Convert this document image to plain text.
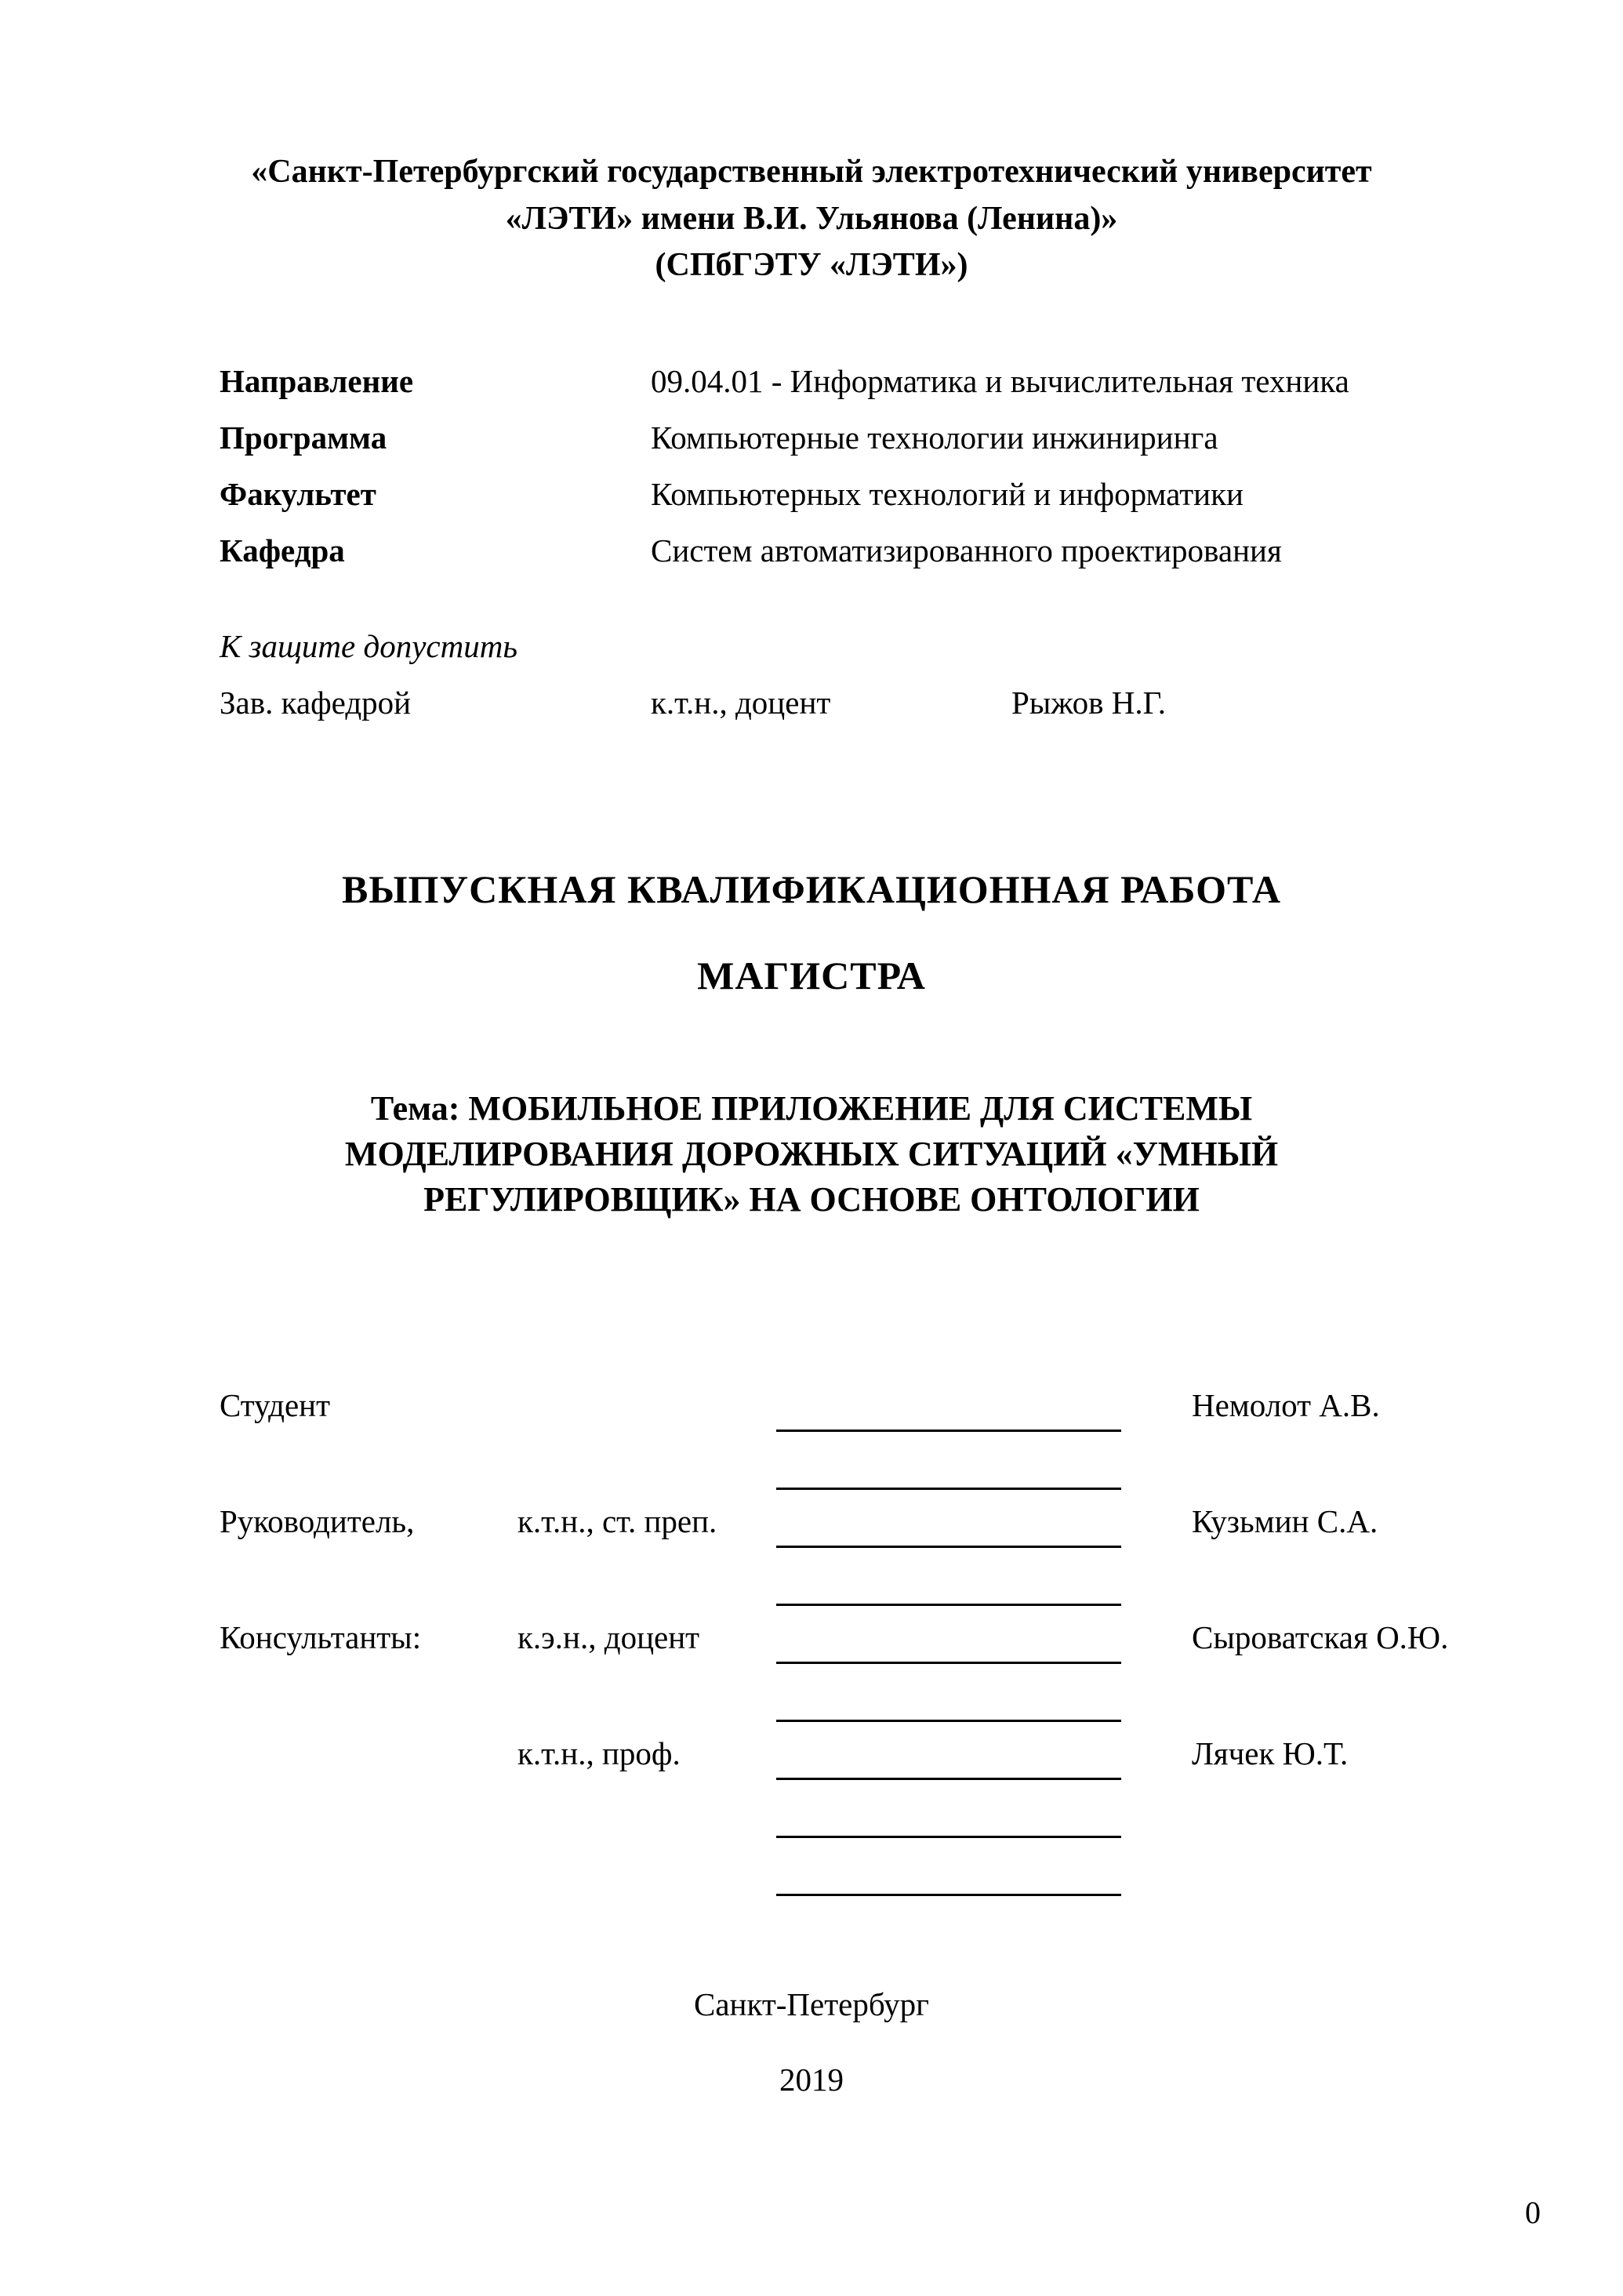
«Санкт-Петербургский государственный электротехнический университет
«ЛЭТИ» имени В.И. Ульянова (Ленина)»
(СПбГЭТУ «ЛЭТИ»)
Направление	09.04.01 - Информатика и вычислительная техника
Программа	Компьютерные технологии инжиниринга
Факультет	Компьютерных технологий и информатики
Кафедра	Систем автоматизированного проектирования
К защите допустить
Зав. кафедрой	к.т.н., доцент	Рыжов Н.Г.
ВЫПУСКНАЯ КВАЛИФИКАЦИОННАЯ РАБОТА
МАГИСТРА
Тема: МОБИЛЬНОЕ ПРИЛОЖЕНИЕ ДЛЯ СИСТЕМЫ
МОДЕЛИРОВАНИЯ ДОРОЖНЫХ СИТУАЦИЙ «УМНЫЙ
РЕГУЛИРОВЩИК» НА ОСНОВЕ ОНТОЛОГИИ
Студент	Немолот А.В.
Руководитель,	к.т.н., ст. преп.	Кузьмин С.А.
Консультанты:	к.э.н., доцент	Сыроватская О.Ю.
к.т.н., проф.	Лячек Ю.Т.
Санкт-Петербург
2019
0
